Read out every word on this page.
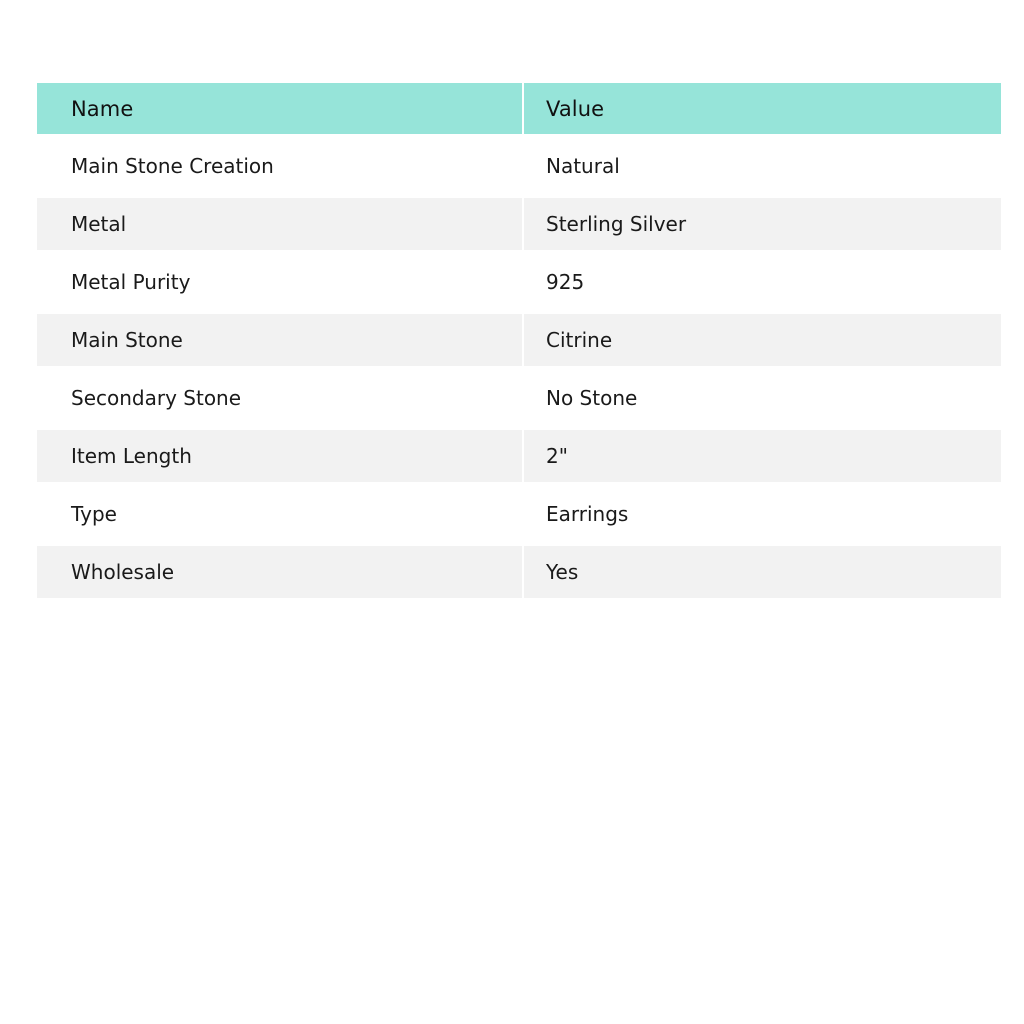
Name	Value
Main Stone Creation	Natural
Metal	Sterling Silver
Metal Purity	925
Main Stone	Citrine
Secondary Stone	No Stone
Item Length	2"
Type	Earrings
Wholesale	Yes
